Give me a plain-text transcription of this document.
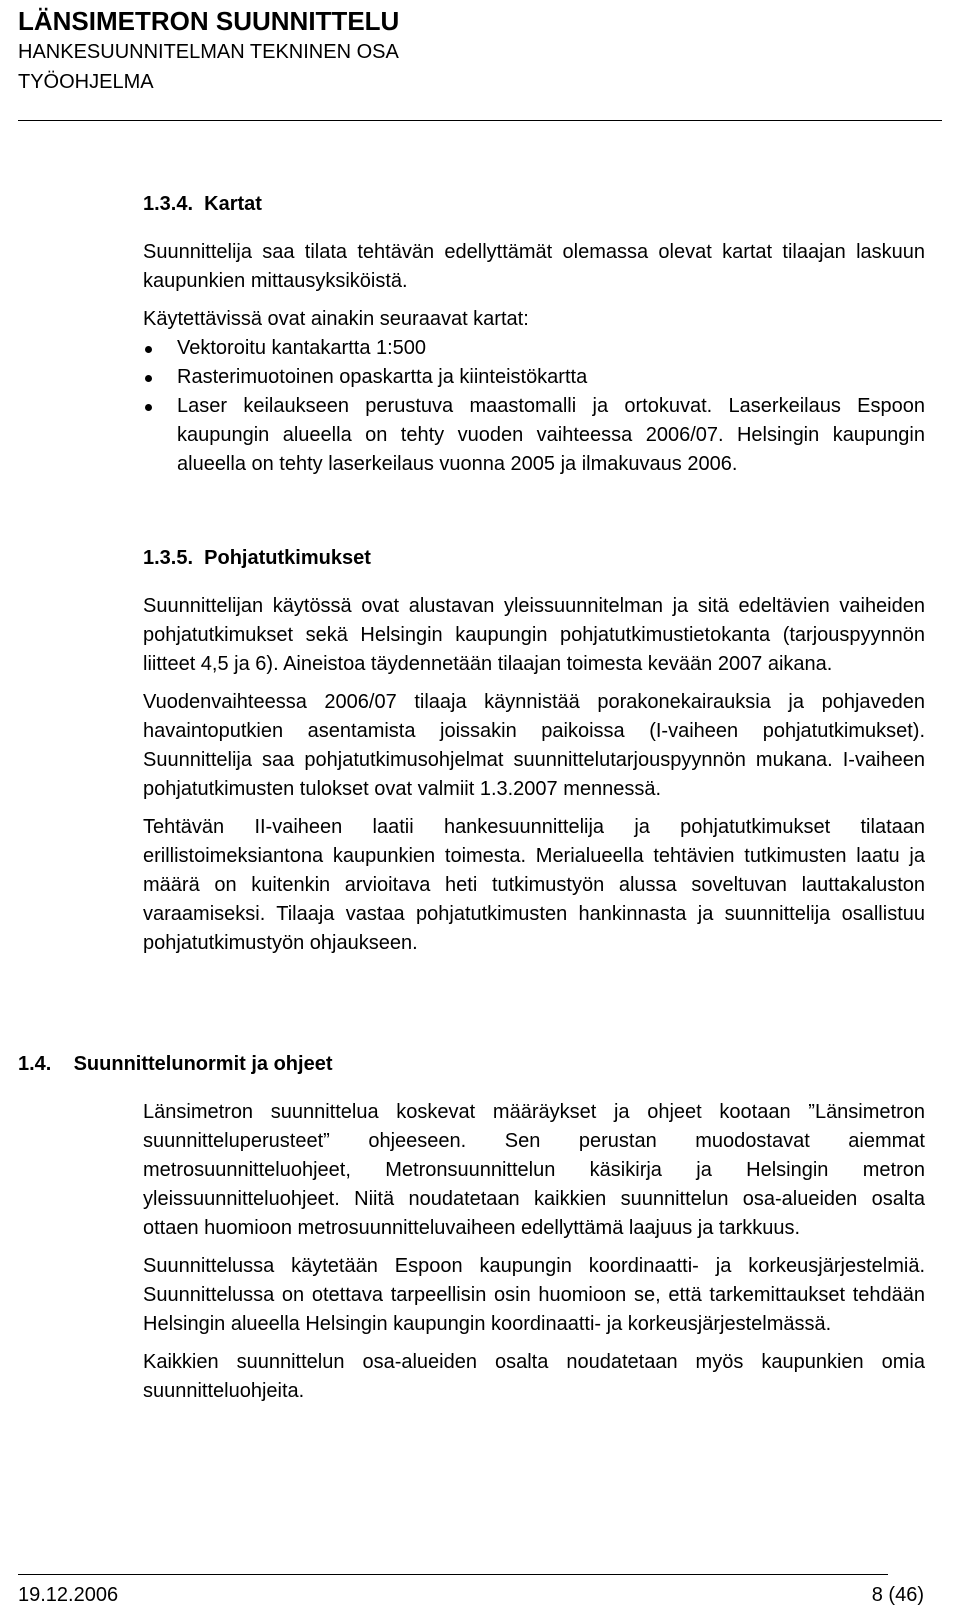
LÄNSIMETRON SUUNNITTELU
HANKESUUNNITELMAN TEKNINEN OSA
TYÖOHJELMA
1.3.4.  Kartat

Suunnittelija saa tilata tehtävän edellyttämät olemassa olevat kartat tilaajan laskuun kaupunkien mittausyksiköistä.

Käytettävissä ovat ainakin seuraavat kartat:

Vektoroitu kantakartta 1:500
Rasterimuotoinen opaskartta ja kiinteistökartta
Laser keilaukseen perustuva maastomalli ja ortokuvat. Laserkeilaus Espoon kaupungin alueella on tehty vuoden vaihteessa 2006/07. Helsingin kaupungin alueella on tehty laserkeilaus vuonna 2005 ja ilmakuvaus 2006.
1.3.5.  Pohjatutkimukset

Suunnittelijan käytössä ovat alustavan yleissuunnitelman ja sitä edeltävien vaiheiden pohjatutkimukset sekä Helsingin kaupungin pohjatutkimustietokanta (tarjouspyynnön liitteet 4,5 ja 6). Aineistoa täydennetään tilaajan toimesta kevään 2007 aikana.

Vuodenvaihteessa 2006/07 tilaaja käynnistää porakonekairauksia ja pohjaveden havaintoputkien asentamista joissakin paikoissa (I-vaiheen pohjatutkimukset). Suunnittelija saa pohjatutkimusohjelmat suunnittelutarjouspyynnön mukana. I-vaiheen pohjatutkimusten tulokset ovat valmiit 1.3.2007 mennessä.

Tehtävän II-vaiheen laatii hankesuunnittelija ja pohjatutkimukset tilataan erillistoimeksiantona kaupunkien toimesta. Merialueella tehtävien tutkimusten laatu ja määrä on kuitenkin arvioitava heti tutkimustyön alussa soveltuvan lauttakaluston varaamiseksi. Tilaaja vastaa pohjatutkimusten hankinnasta ja suunnittelija osallistuu pohjatutkimustyön ohjaukseen.

1.4.    Suunnittelunormit ja ohjeet

Länsimetron suunnittelua koskevat määräykset ja ohjeet kootaan ”Länsimetron suunnitteluperusteet” ohjeeseen. Sen perustan muodostavat aiemmat metrosuunnitteluohjeet, Metronsuunnittelun käsikirja ja Helsingin metron yleissuunnitteluohjeet. Niitä noudatetaan kaikkien suunnittelun osa-alueiden osalta ottaen huomioon metrosuunnitteluvaiheen edellyttämä laajuus ja tarkkuus.

Suunnittelussa käytetään Espoon kaupungin koordinaatti- ja korkeusjärjestelmiä. Suunnittelussa on otettava tarpeellisin osin huomioon se, että tarkemittaukset tehdään Helsingin alueella Helsingin kaupungin koordinaatti- ja korkeusjärjestelmässä.

Kaikkien suunnittelun osa-alueiden osalta noudatetaan myös kaupunkien omia suunnitteluohjeita.

19.12.2006	8 (46)
